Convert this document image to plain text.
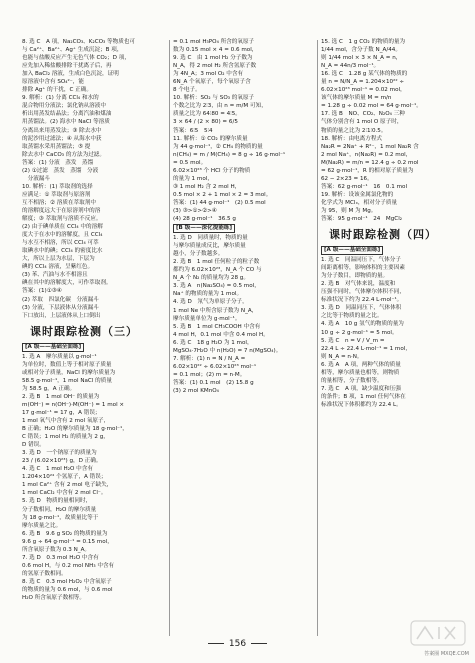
8. 选 C　A 项，Na₂CO₃、K₂CO₃ 等物质也可

与 Ca²⁺、Ba²⁺、Ag⁺ 生成沉淀；B 项，

也能与盐酸反应产生无色气体 CO₂；D 项，

应先加入稀盐酸排除干扰离子后，再

加入 BaCl₂ 溶液，生成白色沉淀，证明

原溶液中含有 SO₄²⁻，能

排除 Ag⁺ 的干扰，C 正确。

9. 解析：(1) 分离 CCl₄ 和水的

混合物用分液法；氯化钠从溶液中

析出用蒸发结晶法；分离汽油和煤油

用蒸馏法。(2) 海水中 NaCl 等溶质

分离出来用蒸发法；③ 除去水中

的泥沙用过滤法；④ 从海水中获

取蒸馏水采用蒸馏法；⑤ 提

除去水中 CaCO₃ 的方法为过滤。

答案：(1) 分液　蒸发　蒸馏

(2) ①过滤　蒸发　蒸馏　分液

　分液漏斗

10. 解析：(1) 萃取剂的选择

应满足：① 萃取剂与原溶剂

互不相溶；② 溶质在萃取剂中

的溶解度远大于在原溶剂中的溶

解度；③ 萃取剂与溶质不反应。

(2) 由于碘单质在 CCl₄ 中的溶解

度大于在水中的溶解度，且 CCl₄

与水互不相溶，所以 CCl₄ 可萃

取碘水中的碘；CCl₄ 的密度比水

大，所以上层为水层，下层为

碘的 CCl₄ 溶液，呈紫红色。

(3) 苯、汽油与水不相溶且

碘在其中的溶解度大，可作萃取剂。

答案：(1)①③④

(2) 萃取　四氯化碳　分液漏斗

(3) 分液，下层液体从分液漏斗

下口放出，上层液体从上口倒出

课时跟踪检测（三）
[A 级——基础全面练]

1. 选 A　摩尔质量以 g·mol⁻¹

为单位时，数值上等于相对原子质量

或相对分子质量，NaCl 的摩尔质量为

58.5 g·mol⁻¹，1 mol NaCl 的质量

为 58.5 g，A 正确。

2. 选 B　1 mol OH⁻ 的质量为

m(OH⁻) = n(OH⁻)·M(OH⁻) = 1 mol ×

17 g·mol⁻¹ = 17 g，A 错误；

1 mol 氧气中含有 2 mol 氧原子，

B 正确；H₂O 的摩尔质量为 18 g·mol⁻¹，

C 错误；1 mol H₂ 的质量为 2 g，

D 错误。

3. 选 D　一个钠原子的质量为

23 / (6.02×10²³) g，D 正确。

4. 选 C　1 mol H₂O 中含有

1.204×10²⁴ 个氢原子，A 错误；

1 mol Ca²⁺ 含有 2 mol 电子缺失，

1 mol CaCl₂ 中含有 2 mol Cl⁻。

5. 选 D　物质的量相同时，

分子数相同，H₂O 的摩尔质量

为 18 g·mol⁻¹，故质量比等于

摩尔质量之比。

6. 选 B　9.6 g SO₂ 的物质的量为

9.6 g ÷ 64 g·mol⁻¹ = 0.15 mol，

所含氧原子数为 0.3 N_A。

7. 选 D　0.3 mol H₂O 中含有

0.6 mol H，与 0.2 mol NH₃ 中含有

的氢原子数相同。

8. 选 C　0.3 mol H₂O₂ 中含氧原子

的物质的量为 0.6 mol，与 0.6 mol

H₂O 所含氧原子数相等。

= 0.1 mol H₃PO₄ 所含的氧原子

数为 0.15 mol × 4 = 0.6 mol，

9. 选 C　由 1 mol H₂ 分子数为

N_A，得 2 mol H₂ 所含氢原子数

为 4N_A；3 mol O₂ 中含有

6N_A 个氧原子，每个氧原子含

8 个电子。

10. 解析：SO₂ 与 SO₃ 的氧原子

个数之比为 2∶3，由 n = m/M 可知，

质量之比为 64∶80 = 4∶5。

3 × 64 / (2 × 80) = 6/5

答案：6∶5　5∶4

11. 解析：① CO₂ 的摩尔质量

为 44 g·mol⁻¹，② CH₄ 的物质的量

n(CH₄) = m / M(CH₄) = 8 g ÷ 16 g·mol⁻¹

= 0.5 mol。

6.02×10²³ 个 HCl 分子的物质

的量为 1 mol，

③ 1 mol H₂ 含 2 mol H，

0.5 mol × 2 + 1 mol × 2 = 3 mol。

答案：(1) 44 g·mol⁻¹　(2) 0.5 mol

(3) ③>①>②>④

(4) 28 g·mol⁻¹　36.5 g

[B 级——深化提能练]

1. 选 D　同质量时，物质的量

与摩尔质量成反比，摩尔质量

越小，分子数越多。

2. 选 B　1 mol 任何粒子的粒子数

都约为 6.02×10²³，N_A 个 CO 与

N_A 个 N₂ 的质量均为 28 g。

3. 选 A　n(Na₂SO₄) = 0.5 mol，

Na⁺ 的物质的量为 1 mol。

4. 选 D　氖气为单原子分子，

1 mol Ne 中所含原子数为 N_A，

摩尔质量单位为 g·mol⁻¹。

5. 选 B　1 mol CH₃COOH 中含有

4 mol H，0.1 mol 中含 0.4 mol H。

6. 选 C　18 g H₂O 为 1 mol，

MgSO₄·7H₂O 中 n(H₂O) = 7 n(MgSO₄)。

7. 解析：(1) n = N / N_A =

6.02×10²² ÷ 6.02×10²³ mol⁻¹

= 0.1 mol；(2) m = n·M。

答案：(1) 0.1 mol　(2) 15.8 g

(3) 2 mol KMnO₄

15. 选 C　1 g CO₂ 的物质的量为

1/44 mol，含分子数 N_A/44。

则 1/44 mol × 3 × N_A = n，

N_A = 44n/3 mol⁻¹。

16. 选 C　1.28 g 某气体的物质的

量 n = N/N_A = 1.204×10²² ÷

6.02×10²³ mol⁻¹ = 0.02 mol，

该气体的摩尔质量 M = m/n

= 1.28 g ÷ 0.02 mol = 64 g·mol⁻¹。

17. 选 B　NO、CO₂、N₂O₄ 三种

气体分别含有 1 mol O 原子时，

物质的量之比为 2∶1∶0.5。

18. 解析：由电离方程式

Na₂R = 2Na⁺ + R²⁻，1 mol Na₂R 含

2 mol Na⁺，n(Na₂R) = 0.2 mol，

M(Na₂R) = m/n = 12.4 g ÷ 0.2 mol

= 62 g·mol⁻¹，R 的相对原子质量为

62 − 2×23 = 16。

答案：62 g·mol⁻¹　16　0.1 mol

19. 解析：设该金属氯化物的

化学式为 MClₓ，相对分子质量

为 95，则 M 为 Mg。

答案：95 g·mol⁻¹　24　MgCl₂

课时跟踪检测（四）
[A 级——基础全面练]

1. 选 C　同温同压下，气体分子

间距离相等，影响体积的主要因素

为分子数目，即物质的量。

2. 选 B　对气体来说，温度和

压强不同时，气体摩尔体积不同，

标准状况下约为 22.4 L·mol⁻¹。

3. 选 D　同温同压下，气体体积

之比等于物质的量之比。

4. 选 A　10 g 氢气的物质的量为

10 g ÷ 2 g·mol⁻¹ = 5 mol。

5. 选 C　n = V / V_m =

22.4 L ÷ 22.4 L·mol⁻¹ = 1 mol，

则 N_A = n·N。

6. 选 A　A 项，两种气体的质量

相等，摩尔质量也相等，则物质

的量相等，分子数相等。

7. 选 C　A 项，缺少温度和压强

的条件；B 项，1 mol 任何气体在

标准状况下体积都约为 22.4 L。

156
答案圈 MXQE.COM
